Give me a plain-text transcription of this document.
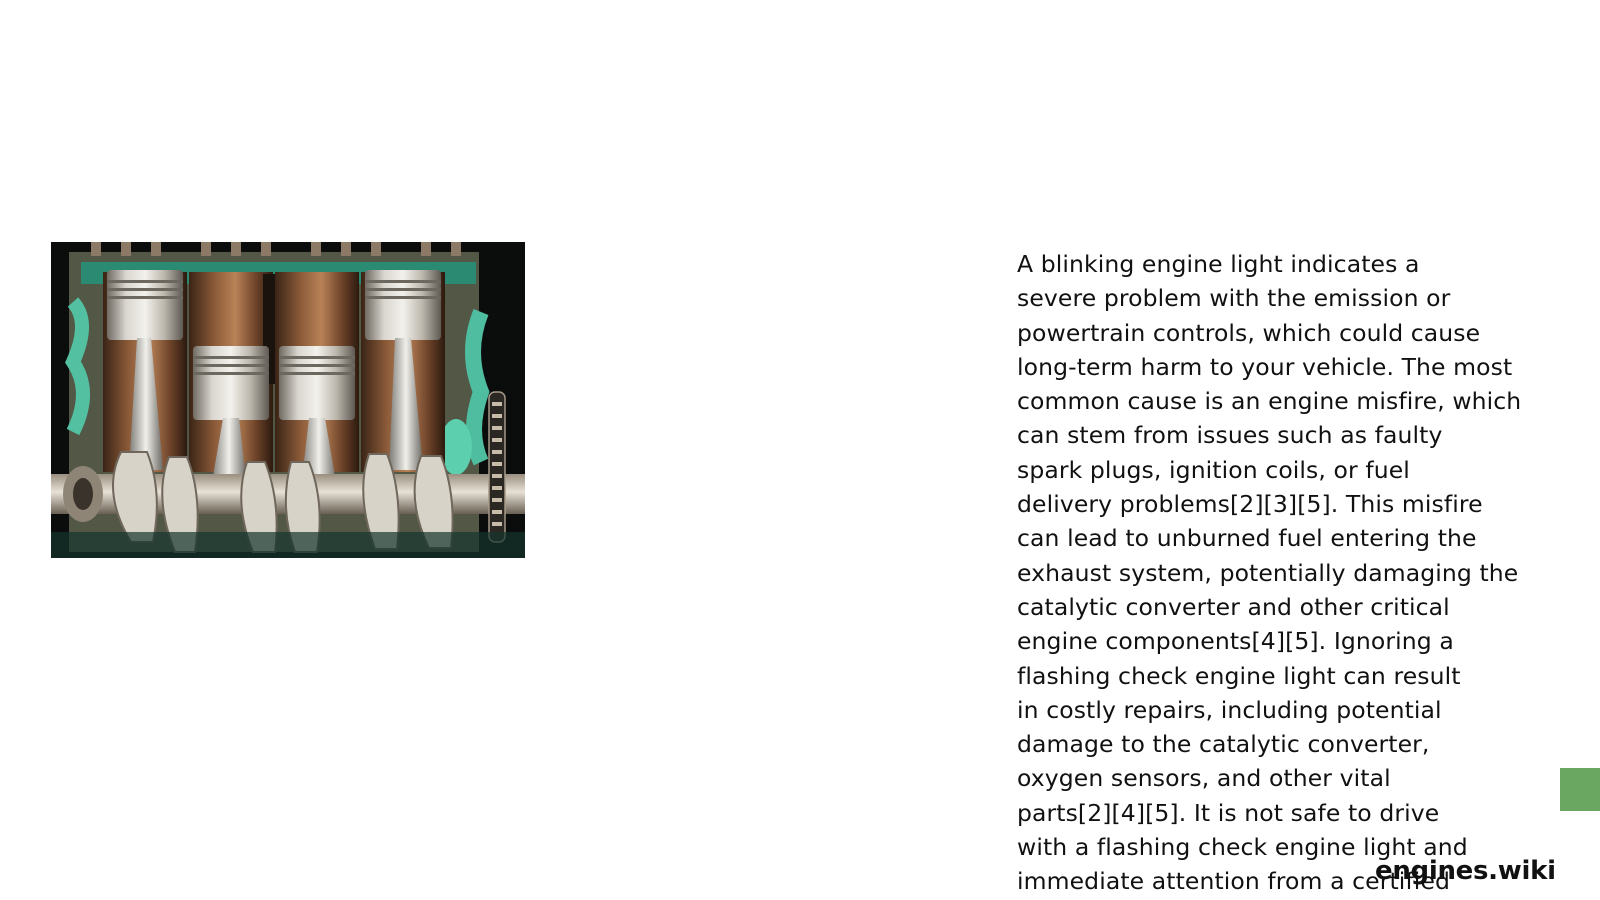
A blinking engine light indicates a
severe problem with the emission or
powertrain controls, which could cause
long-term harm to your vehicle. The most
common cause is an engine misfire, which
can stem from issues such as faulty
spark plugs, ignition coils, or fuel
delivery problems[2][3][5]. This misfire
can lead to unburned fuel entering the
exhaust system, potentially damaging the
catalytic converter and other critical
engine components[4][5]. Ignoring a
flashing check engine light can result
in costly repairs, including potential
damage to the catalytic converter,
oxygen sensors, and other vital
parts[2][4][5]. It is not safe to drive
with a flashing check engine light and
immediate attention from a certified

engines.wiki
